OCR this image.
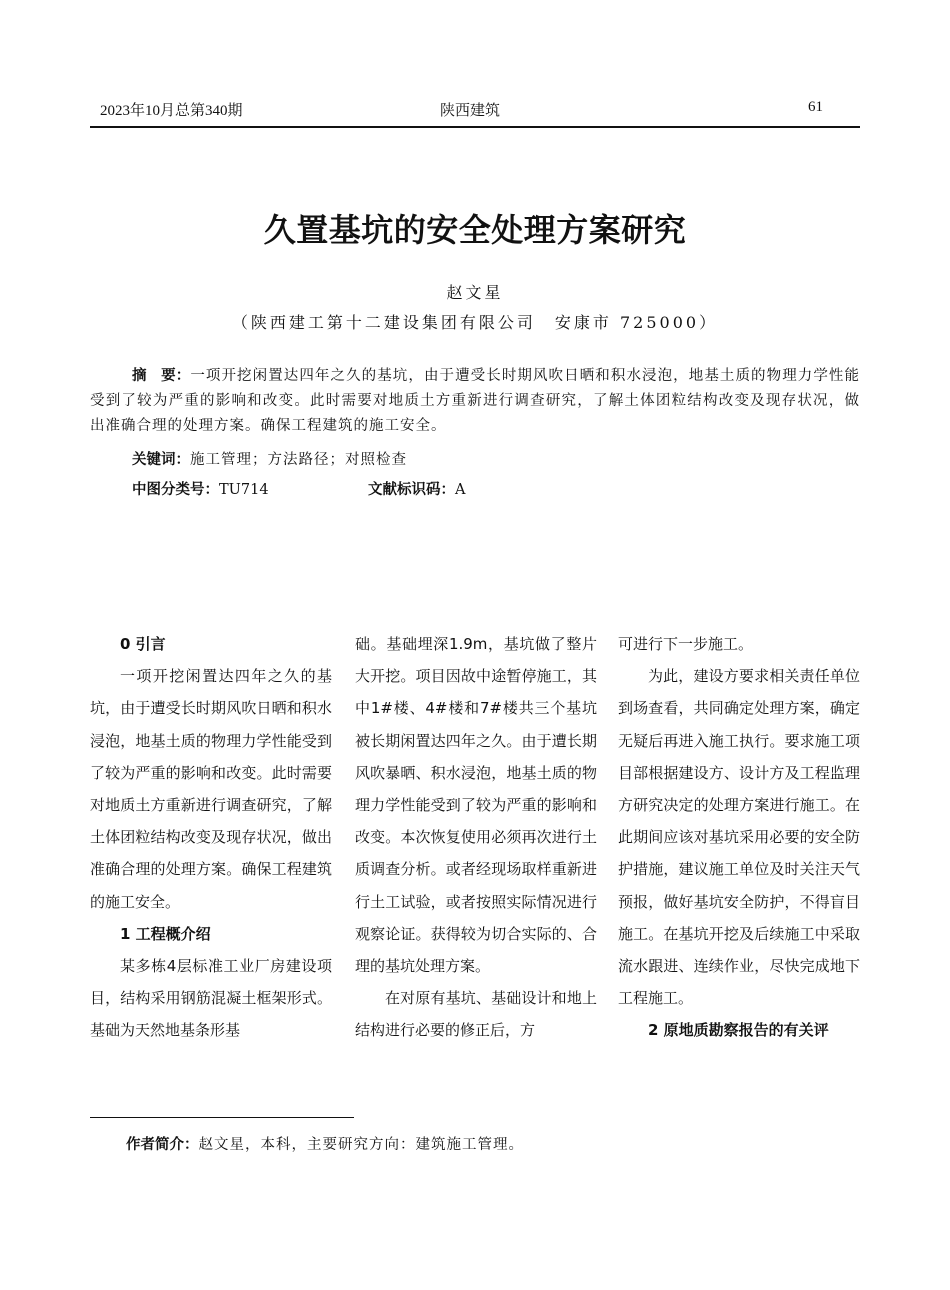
2023年10月总第340期	陕西建筑	61
久置基坑的安全处理方案研究
赵文星
（陕西建工第十二建设集团有限公司　安康市 725000）
摘　要：一项开挖闲置达四年之久的基坑，由于遭受长时期风吹日晒和积水浸泡，地基土质的物理力学性能受到了较为严重的影响和改变。此时需要对地质土方重新进行调查研究，了解土体团粒结构改变及现存状况，做出准确合理的处理方案。确保工程建筑的施工安全。
关键词：施工管理；方法路径；对照检查
中图分类号：TU714	文献标识码：A

0 引言

一项开挖闲置达四年之久的基坑，由于遭受长时期风吹日晒和积水浸泡，地基土质的物理力学性能受到了较为严重的影响和改变。此时需要对地质土方重新进行调查研究，了解土体团粒结构改变及现存状况，做出准确合理的处理方案。确保工程建筑的施工安全。

1 工程概介绍

某多栋4层标准工业厂房建设项目，结构采用钢筋混凝土框架形式。基础为天然地基条形基

础。基础埋深1.9m，基坑做了整片大开挖。项目因故中途暂停施工，其中1#楼、4#楼和7#楼共三个基坑被长期闲置达四年之久。由于遭长期风吹暴晒、积水浸泡，地基土质的物理力学性能受到了较为严重的影响和改变。本次恢复使用必须再次进行土质调查分析。或者经现场取样重新进行土工试验，或者按照实际情况进行观察论证。获得较为切合实际的、合理的基坑处理方案。

在对原有基坑、基础设计和地上结构进行必要的修正后，方

可进行下一步施工。

为此，建设方要求相关责任单位到场查看，共同确定处理方案，确定无疑后再进入施工执行。要求施工项目部根据建设方、设计方及工程监理方研究决定的处理方案进行施工。在此期间应该对基坑采用必要的安全防护措施，建议施工单位及时关注天气预报，做好基坑安全防护，不得盲目施工。在基坑开挖及后续施工中采取流水跟进、连续作业，尽快完成地下工程施工。

2 原地质勘察报告的有关评

作者简介：赵文星，本科，主要研究方向：建筑施工管理。
